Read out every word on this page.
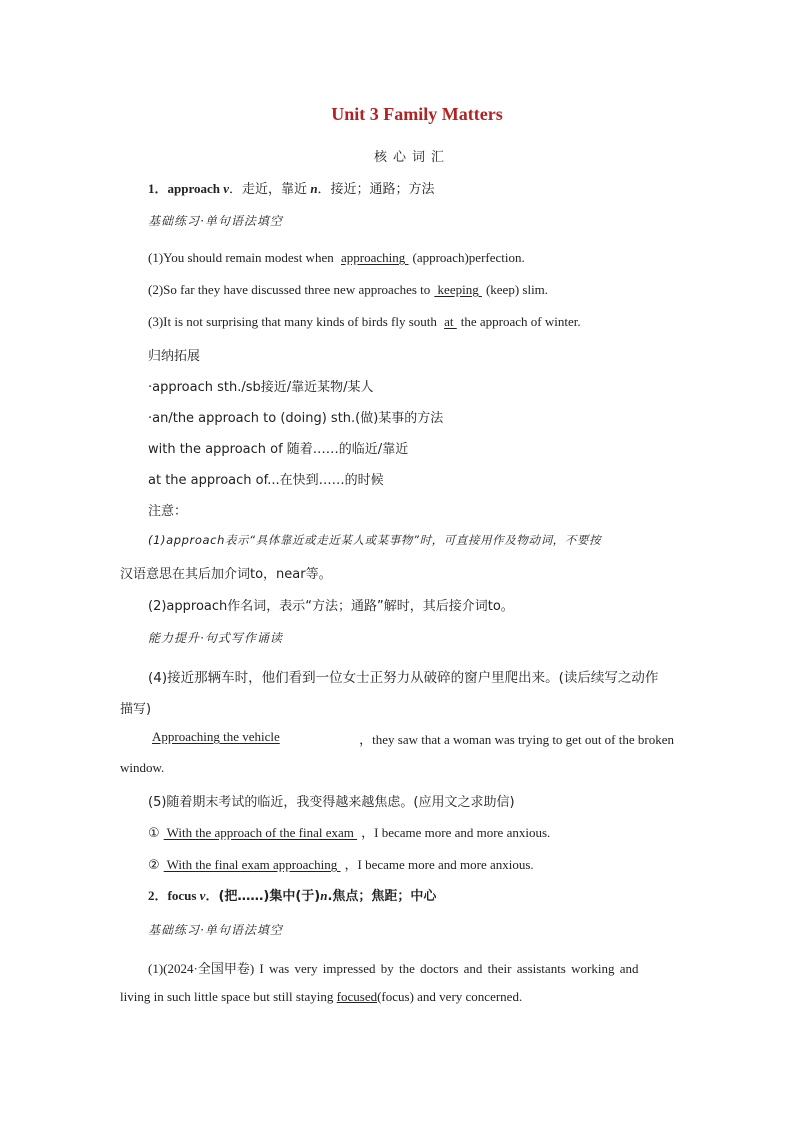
Unit 3 Family Matters
核心词汇
1．approach v．走近，靠近 n．接近；通路；方法
基础练习·单句语法填空
(1)You should remain modest when approaching (approach)perfection.
(2)So far they have discussed three new approaches to keeping (keep) slim.
(3)It is not surprising that many kinds of birds fly south at the approach of winter.
归纳拓展
·approach sth./sb接近/靠近某物/某人
·an/the approach to (doing) sth.(做)某事的方法
with the approach of 随着……的临近/靠近
at the approach of...在快到……的时候
注意：
(1)approach表示“具体靠近或走近某人或某事物”时，可直接用作及物动词，不要按
汉语意思在其后加介词to，near等。
(2)approach作名词，表示“方法；通路”解时，其后接介词to。
能力提升·句式写作诵读
(4)接近那辆车时，他们看到一位女士正努力从破碎的窗户里爬出来。(读后续写之动作
描写)
Approaching the vehicle	，they saw that a woman was trying to get out of the broken
window.
(5)随着期末考试的临近，我变得越来越焦虑。(应用文之求助信)
① With the approach of the final exam ，I became more and more anxious.
② With the final exam approaching ，I became more and more anxious.
2．focus v．(把……)集中(于)n.焦点；焦距；中心
基础练习·单句语法填空
(1)(2024·全国甲卷) I was very impressed by the doctors and their assistants working and
living in such little space but still staying focused(focus) and very concerned.
